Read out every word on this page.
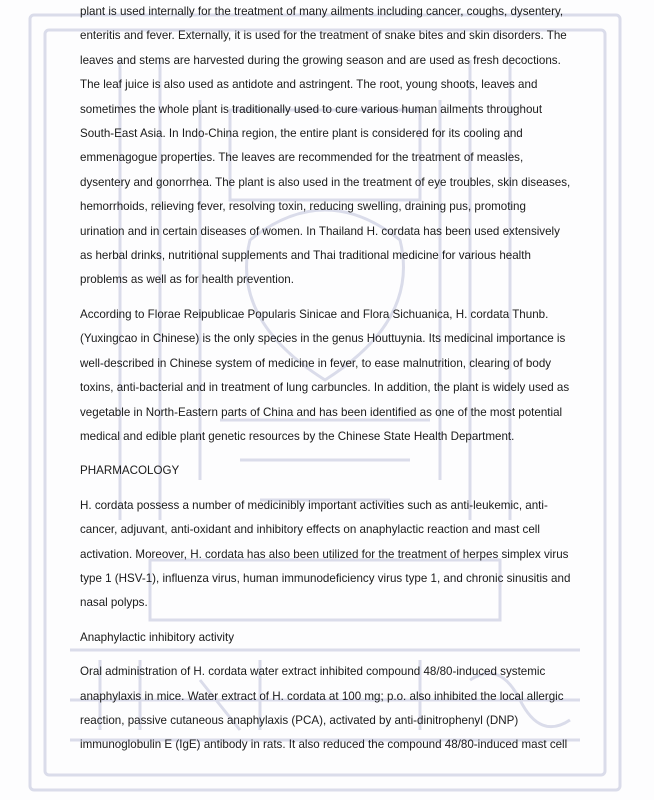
plant is used internally for the treatment of many ailments including cancer, coughs, dysentery,
enteritis and fever. Externally, it is used for the treatment of snake bites and skin disorders. The
leaves and stems are harvested during the growing season and are used as fresh decoctions.
The leaf juice is also used as antidote and astringent. The root, young shoots, leaves and
sometimes the whole plant is traditionally used to cure various human ailments throughout
South-East Asia. In Indo-China region, the entire plant is considered for its cooling and
emmenagogue properties. The leaves are recommended for the treatment of measles,
dysentery and gonorrhea. The plant is also used in the treatment of eye troubles, skin diseases,
hemorrhoids, relieving fever, resolving toxin, reducing swelling, draining pus, promoting
urination and in certain diseases of women. In Thailand H. cordata has been used extensively
as herbal drinks, nutritional supplements and Thai traditional medicine for various health
problems as well as for health prevention.

According to Florae Reipublicae Popularis Sinicae and Flora Sichuanica, H. cordata Thunb.
(Yuxingcao in Chinese) is the only species in the genus Houttuynia. Its medicinal importance is
well-described in Chinese system of medicine in fever, to ease malnutrition, clearing of body
toxins, anti-bacterial and in treatment of lung carbuncles. In addition, the plant is widely used as
vegetable in North-Eastern parts of China and has been identified as one of the most potential
medical and edible plant genetic resources by the Chinese State Health Department.

PHARMACOLOGY

H. cordata possess a number of medicinibly important activities such as anti-leukemic, anti-
cancer, adjuvant, anti-oxidant and inhibitory effects on anaphylactic reaction and mast cell
activation. Moreover, H. cordata has also been utilized for the treatment of herpes simplex virus
type 1 (HSV-1), influenza virus, human immunodeficiency virus type 1, and chronic sinusitis and
nasal polyps.

Anaphylactic inhibitory activity

Oral administration of H. cordata water extract inhibited compound 48/80-induced systemic
anaphylaxis in mice. Water extract of H. cordata at 100 mg; p.o. also inhibited the local allergic
reaction, passive cutaneous anaphylaxis (PCA), activated by anti-dinitrophenyl (DNP)
immunoglobulin E (IgE) antibody in rats. It also reduced the compound 48/80-induced mast cell
